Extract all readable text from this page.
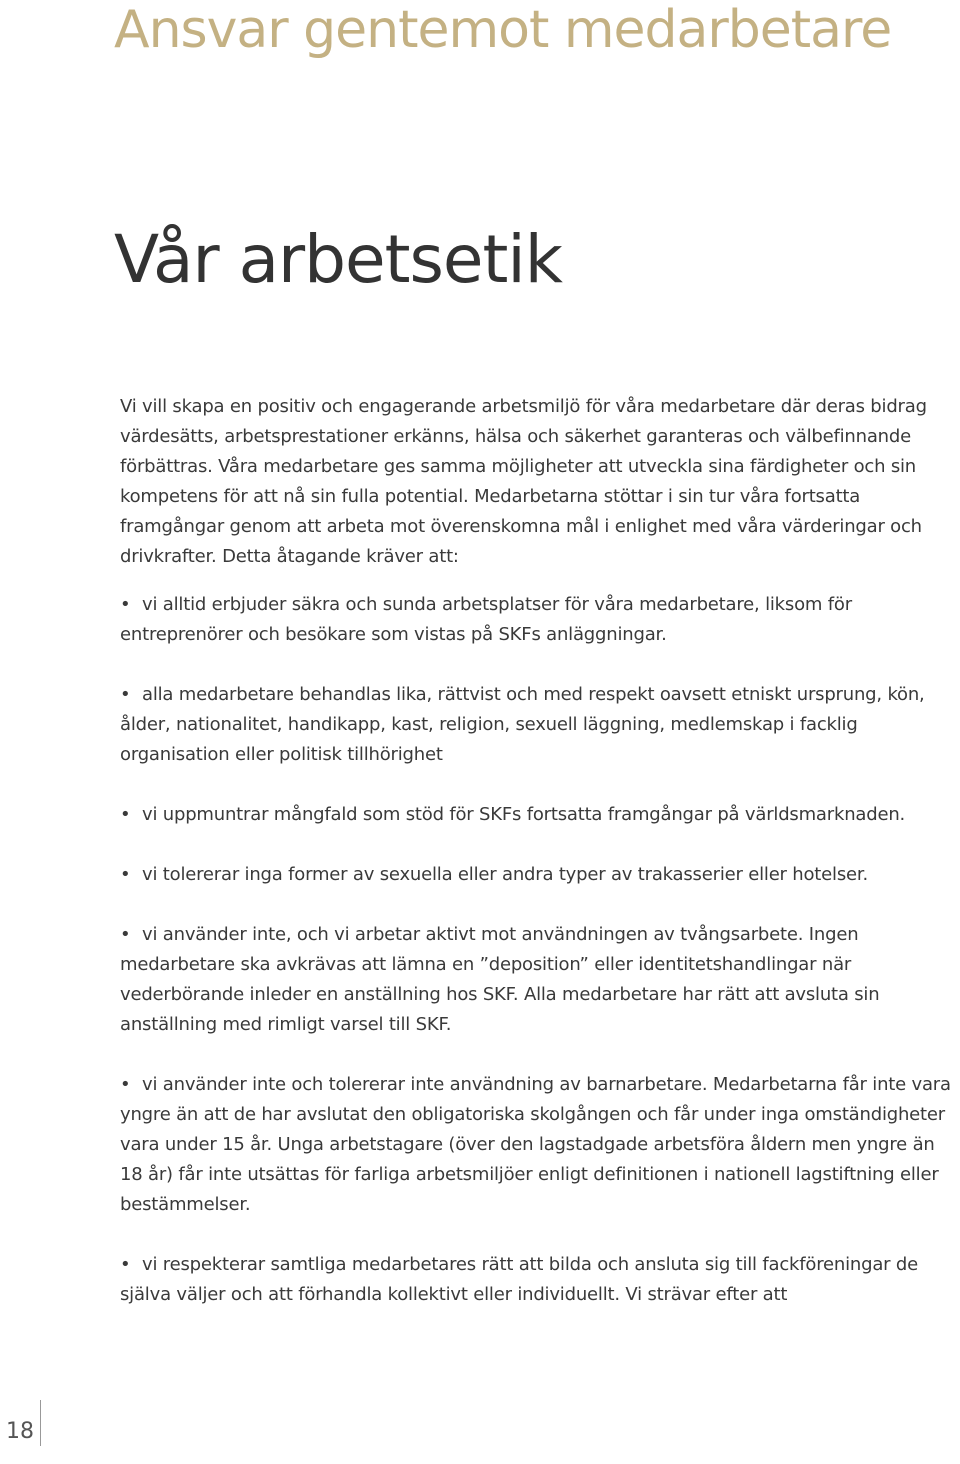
Ansvar gentemot medarbetare
Vår arbetsetik

Vi vill skapa en positiv och engagerande arbetsmiljö för våra medarbetare där deras bidrag värdesätts, arbetsprestationer erkänns, hälsa och säkerhet garanteras och välbefinnande förbättras. Våra medarbetare ges samma möjligheter att utveckla sina färdigheter och sin kompetens för att nå sin fulla potential. Medarbetarna stöttar i sin tur våra fortsatta framgångar genom att arbeta mot överenskomna mål i enlighet med våra värderingar och drivkrafter. Detta åtagande kräver att:

• vi alltid erbjuder säkra och sunda arbetsplatser för våra medarbetare, liksom för entreprenörer och besökare som vistas på SKFs anläggningar.
• alla medarbetare behandlas lika, rättvist och med respekt oavsett etniskt ursprung, kön, ålder, nationalitet, handikapp, kast, religion, sexuell läggning, medlemskap i facklig organisation eller politisk tillhörighet
• vi uppmuntrar mångfald som stöd för SKFs fortsatta framgångar på världsmarknaden.
• vi tolererar inga former av sexuella eller andra typer av trakasserier eller hotelser.
• vi använder inte, och vi arbetar aktivt mot användningen av tvångsarbete. Ingen medarbetare ska avkrävas att lämna en ”deposition” eller identitetshandlingar när vederbörande inleder en anställning hos SKF. Alla medarbetare har rätt att avsluta sin anställning med rimligt varsel till SKF.
• vi använder inte och tolererar inte användning av barnarbetare. Medarbetarna får inte vara yngre än att de har avslutat den obligatoriska skolgången och får under inga omständigheter vara under 15 år. Unga arbetstagare (över den lagstadgade arbetsföra åldern men yngre än 18 år) får inte utsättas för farliga arbetsmiljöer enligt definitionen i nationell lagstiftning eller bestämmelser.
• vi respekterar samtliga medarbetares rätt att bilda och ansluta sig till fackföreningar de själva väljer och att förhandla kollektivt eller individuellt. Vi strävar efter att
18
